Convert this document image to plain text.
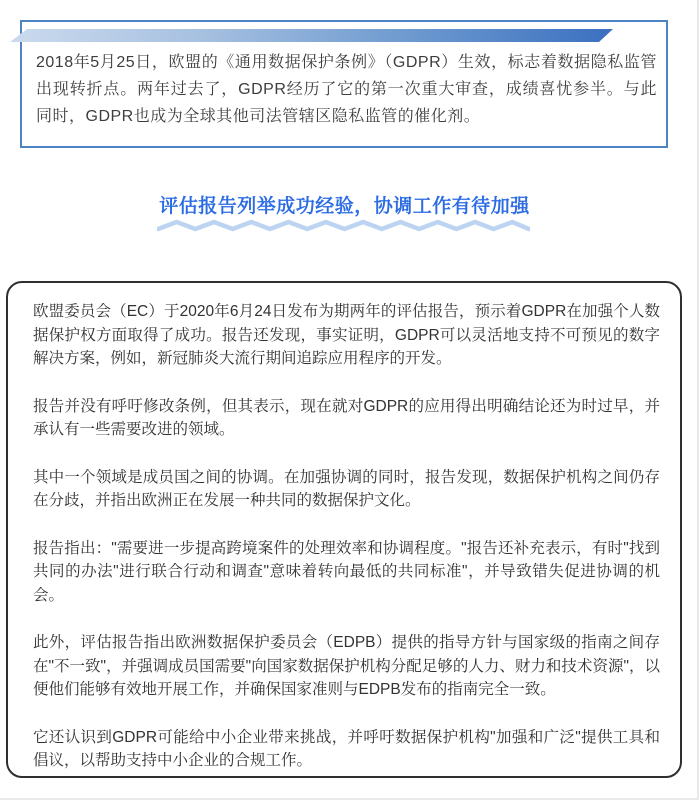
2018年5月25日，欧盟的《通用数据保护条例》（GDPR）生效，标志着数据隐私监管出现转折点。两年过去了，GDPR经历了它的第一次重大审查，成绩喜忧参半。与此同时，GDPR也成为全球其他司法管辖区隐私监管的催化剂。
评估报告列举成功经验，协调工作有待加强

欧盟委员会（EC）于2020年6月24日发布为期两年的评估报告，预示着GDPR在加强个人数据保护权方面取得了成功。报告还发现，事实证明，GDPR可以灵活地支持不可预见的数字解决方案，例如，新冠肺炎大流行期间追踪应用程序的开发。

报告并没有呼吁修改条例，但其表示，现在就对GDPR的应用得出明确结论还为时过早，并承认有一些需要改进的领域。

其中一个领域是成员国之间的协调。在加强协调的同时，报告发现，数据保护机构之间仍存在分歧，并指出欧洲正在发展一种共同的数据保护文化。

报告指出："需要进一步提高跨境案件的处理效率和协调程度。"报告还补充表示，有时"找到共同的办法"进行联合行动和调查"意味着转向最低的共同标准"，并导致错失促进协调的机会。

此外，评估报告指出欧洲数据保护委员会（EDPB）提供的指导方针与国家级的指南之间存在"不一致"，并强调成员国需要"向国家数据保护机构分配足够的人力、财力和技术资源"，以便他们能够有效地开展工作，并确保国家准则与EDPB发布的指南完全一致。

它还认识到GDPR可能给中小企业带来挑战，并呼吁数据保护机构"加强和广泛"提供工具和倡议，以帮助支持中小企业的合规工作。
